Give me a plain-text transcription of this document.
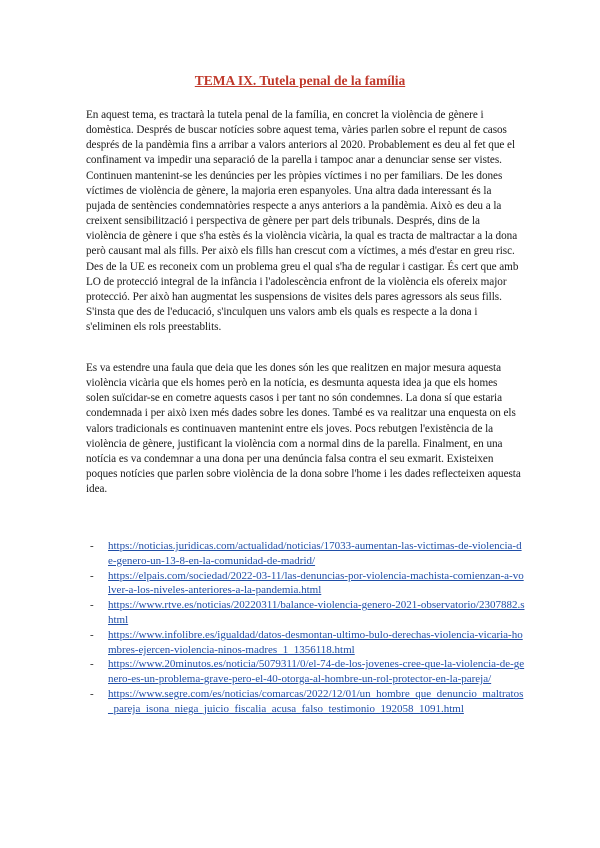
TEMA IX. Tutela penal de la família

En aquest tema, es tractarà la tutela penal de la família, en concret la violència de gènere i domèstica. Després de buscar notícies sobre aquest tema, vàries parlen sobre el repunt de casos després de la pandèmia fins a arribar a valors anteriors al 2020. Probablement es deu al fet que el confinament va impedir una separació de la parella i tampoc anar a denunciar sense ser vistes. Continuen mantenint-se les denúncies per les pròpies víctimes i no per familiars. De les dones víctimes de violència de gènere, la majoria eren espanyoles. Una altra dada interessant és la pujada de sentències condemnatòries respecte a anys anteriors a la pandèmia. Això es deu a la creixent sensibilització i perspectiva de gènere per part dels tribunals. Després, dins de la violència de gènere i que s'ha estès és la violència vicària, la qual es tracta de maltractar a la dona però causant mal als fills. Per això els fills han crescut com a víctimes, a més d'estar en greu risc. Des de la UE es reconeix com un problema greu el qual s'ha de regular i castigar. És cert que amb LO de protecció integral de la infància i l'adolescència enfront de la violència els ofereix major protecció. Per això han augmentat les suspensions de visites dels pares agressors als seus fills. S'insta que des de l'educació, s'inculquen uns valors amb els quals es respecte a la dona i s'eliminen els rols preestablits.

Es va estendre una faula que deia que les dones són les que realitzen en major mesura aquesta violència vicària que els homes però en la notícia, es desmunta aquesta idea ja que els homes solen suïcidar-se en cometre aquests casos i per tant no són condemnes. La dona sí que estaria condemnada i per això ixen més dades sobre les dones. També es va realitzar una enquesta on els valors tradicionals es continuaven mantenint entre els joves. Pocs rebutgen l'existència de la violència de gènere, justificant la violència com a normal dins de la parella. Finalment, en una notícia es va condemnar a una dona per una denúncia falsa contra el seu exmarit. Existeixen poques notícies que parlen sobre violència de la dona sobre l'home i les dades reflecteixen aquesta idea.

- https://noticias.juridicas.com/actualidad/noticias/17033-aumentan-las-victimas-de-violencia-de-genero-un-13-8-en-la-comunidad-de-madrid/
- https://elpais.com/sociedad/2022-03-11/las-denuncias-por-violencia-machista-comienzan-a-volver-a-los-niveles-anteriores-a-la-pandemia.html
- https://www.rtve.es/noticias/20220311/balance-violencia-genero-2021-observatorio/2307882.shtml
- https://www.infolibre.es/igualdad/datos-desmontan-ultimo-bulo-derechas-violencia-vicaria-hombres-ejercen-violencia-ninos-madres_1_1356118.html
- https://www.20minutos.es/noticia/5079311/0/el-74-de-los-jovenes-cree-que-la-violencia-de-genero-es-un-problema-grave-pero-el-40-otorga-al-hombre-un-rol-protector-en-la-pareja/
- https://www.segre.com/es/noticias/comarcas/2022/12/01/un_hombre_que_denuncio_maltratos_pareja_isona_niega_juicio_fiscalia_acusa_falso_testimonio_192058_1091.html
